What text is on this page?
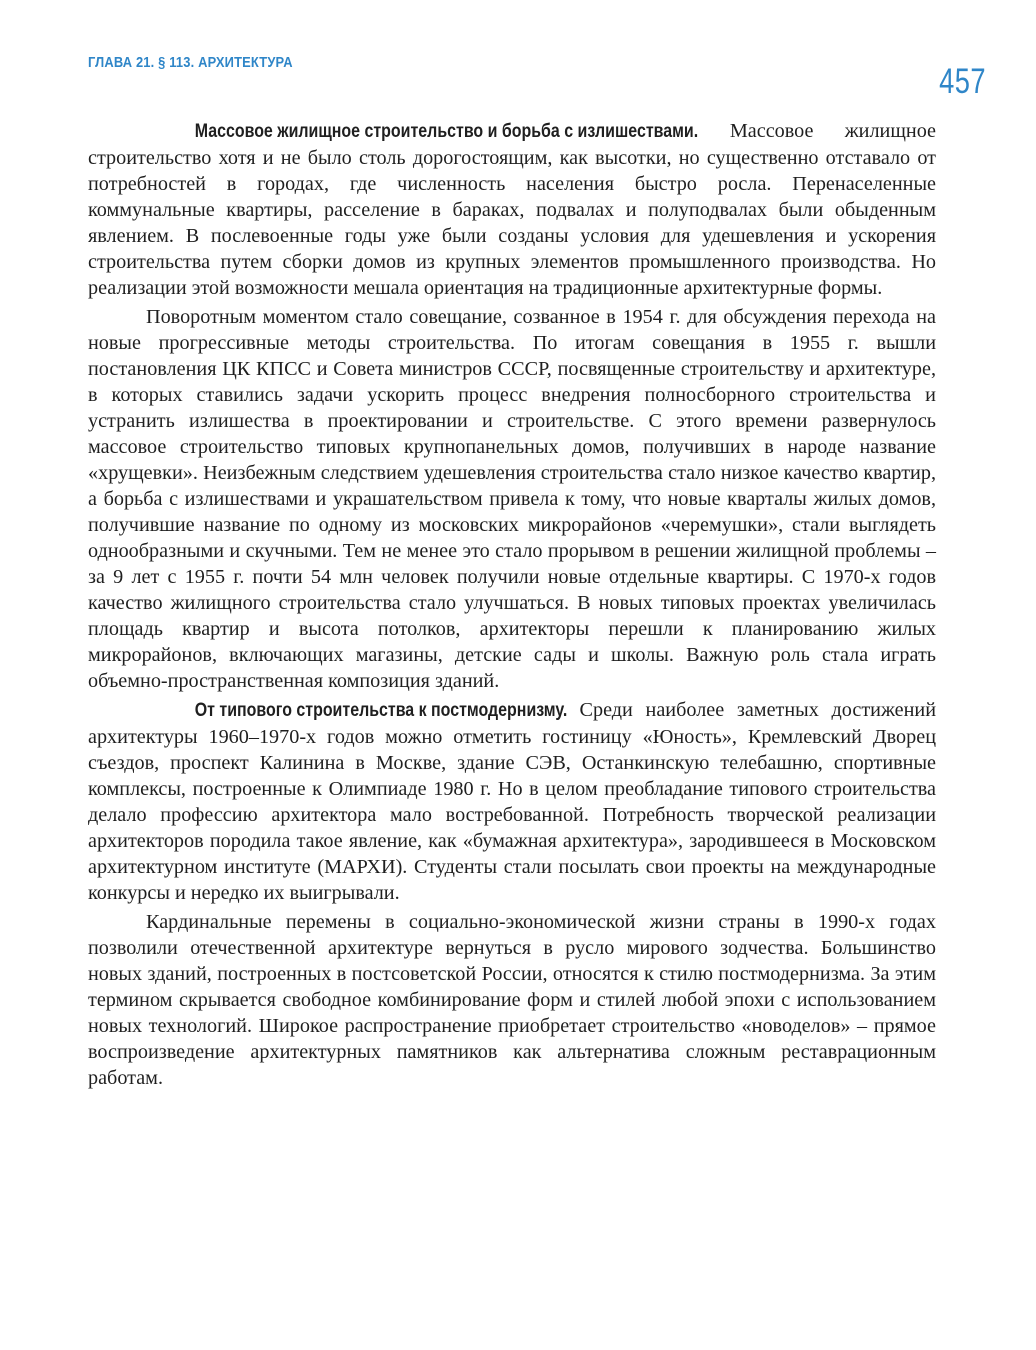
ГЛАВА 21. § 113. АРХИТЕКТУРА	457

Массовое жилищное строительство и борьба с излишествами. Массовое жилищное строительство хотя и не было столь дорогостоящим, как высотки, но существенно отставало от потребностей в городах, где численность населения быстро росла. Перенаселенные коммунальные квартиры, расселение в бараках, подвалах и полуподвалах были обыденным явлением. В послевоенные годы уже были созданы условия для удешевления и ускорения строительства путем сборки домов из крупных элементов промышленного производства. Но реализации этой возможности мешала ориентация на традиционные архитектурные формы.

Поворотным моментом стало совещание, созванное в 1954 г. для обсуждения перехода на новые прогрессивные методы строительства. По итогам совещания в 1955 г. вышли постановления ЦК КПСС и Совета министров СССР, посвященные строительству и архитектуре, в которых ставились задачи ускорить процесс внедрения полносборного строительства и устранить излишества в проектировании и строительстве. С этого времени развернулось массовое строительство типовых крупнопанельных домов, получивших в народе название «хрущевки». Неизбежным следствием удешевления строительства стало низкое качество квартир, а борьба с излишествами и украшательством привела к тому, что новые кварталы жилых домов, получившие название по одному из московских микрорайонов «черемушки», стали выглядеть однообразными и скучными. Тем не менее это стало прорывом в решении жилищной проблемы – за 9 лет с 1955 г. почти 54 млн человек получили новые отдельные квартиры. С 1970-х годов качество жилищного строительства стало улучшаться. В новых типовых проектах увеличилась площадь квартир и высота потолков, архитекторы перешли к планированию жилых микрорайонов, включающих магазины, детские сады и школы. Важную роль стала играть объемно-пространственная композиция зданий.

От типового строительства к постмодернизму. Среди наиболее заметных достижений архитектуры 1960–1970-х годов можно отметить гостиницу «Юность», Кремлевский Дворец съездов, проспект Калинина в Москве, здание СЭВ, Останкинскую телебашню, спортивные комплексы, построенные к Олимпиаде 1980 г. Но в целом преобладание типового строительства делало профессию архитектора мало востребованной. Потребность творческой реализации архитекторов породила такое явление, как «бумажная архитектура», зародившееся в Московском архитектурном институте (МАРХИ). Студенты стали посылать свои проекты на международные конкурсы и нередко их выигрывали.

Кардинальные перемены в социально-экономической жизни страны в 1990-х годах позволили отечественной архитектуре вернуться в русло мирового зодчества. Большинство новых зданий, построенных в постсоветской России, относятся к стилю постмодернизма. За этим термином скрывается свободное комбинирование форм и стилей любой эпохи с использованием новых технологий. Широкое распространение приобретает строительство «новоделов» – прямое воспроизведение архитектурных памятников как альтернатива сложным реставрационным работам.
